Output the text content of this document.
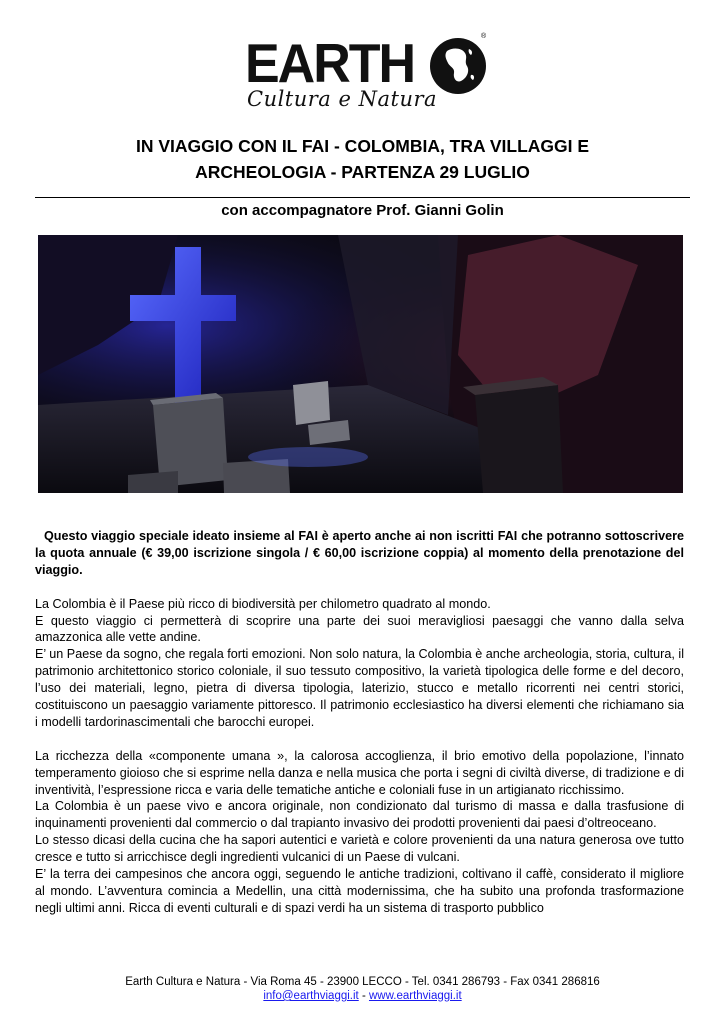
EARTH	®
Cultura e Natura
IN VIAGGIO CON IL FAI - COLOMBIA, TRA VILLAGGI E
ARCHEOLOGIA - PARTENZA 29 LUGLIO
con accompagnatore Prof. Gianni Golin

Questo viaggio speciale ideato insieme al FAI è aperto anche ai non iscritti FAI che potranno sottoscrivere la quota annuale (€ 39,00 iscrizione singola / € 60,00 iscrizione coppia) al momento della prenotazione del viaggio.

La Colombia è il Paese più ricco di biodiversità per chilometro quadrato al mondo.

E questo viaggio ci permetterà di scoprire una parte dei suoi meravigliosi paesaggi che vanno dalla selva amazzonica alle vette andine.

E’ un Paese da sogno, che regala forti emozioni. Non solo natura, la Colombia è anche archeologia, storia, cultura, il patrimonio architettonico storico coloniale, il suo tessuto compositivo, la varietà tipologica delle forme e del decoro, l’uso dei materiali, legno, pietra di diversa tipologia, laterizio, stucco e metallo ricorrenti nei centri storici, costituiscono un paesaggio variamente pittoresco. Il patrimonio ecclesiastico ha diversi elementi che richiamano sia i modelli tardorinascimentali che barocchi europei.

La ricchezza della «componente umana », la calorosa accoglienza, il brio emotivo della popolazione, l’innato temperamento gioioso che si esprime nella danza e nella musica che porta i segni di civiltà diverse, di tradizione e di inventività, l’espressione ricca e varia delle tematiche antiche e coloniali fuse in un artigianato ricchissimo.

La Colombia è un paese vivo e ancora originale, non condizionato dal turismo di massa e dalla trasfusione di inquinamenti provenienti dal commercio o dal trapianto invasivo dei prodotti provenienti dai paesi d’oltreoceano.

Lo stesso dicasi della cucina che ha sapori autentici e varietà e colore provenienti da una natura generosa ove tutto cresce e tutto si arricchisce degli ingredienti vulcanici di un Paese di vulcani.

E’ la terra dei campesinos che ancora oggi, seguendo le antiche tradizioni, coltivano il caffè, considerato il migliore al mondo. L’avventura comincia a Medellin, una città modernissima, che ha subito una profonda trasformazione negli ultimi anni. Ricca di eventi culturali e di spazi verdi ha un sistema di trasporto pubblico

Earth Cultura e Natura - Via Roma 45 - 23900 LECCO - Tel. 0341 286793 - Fax 0341 286816
info@earthviaggi.it - www.earthviaggi.it
